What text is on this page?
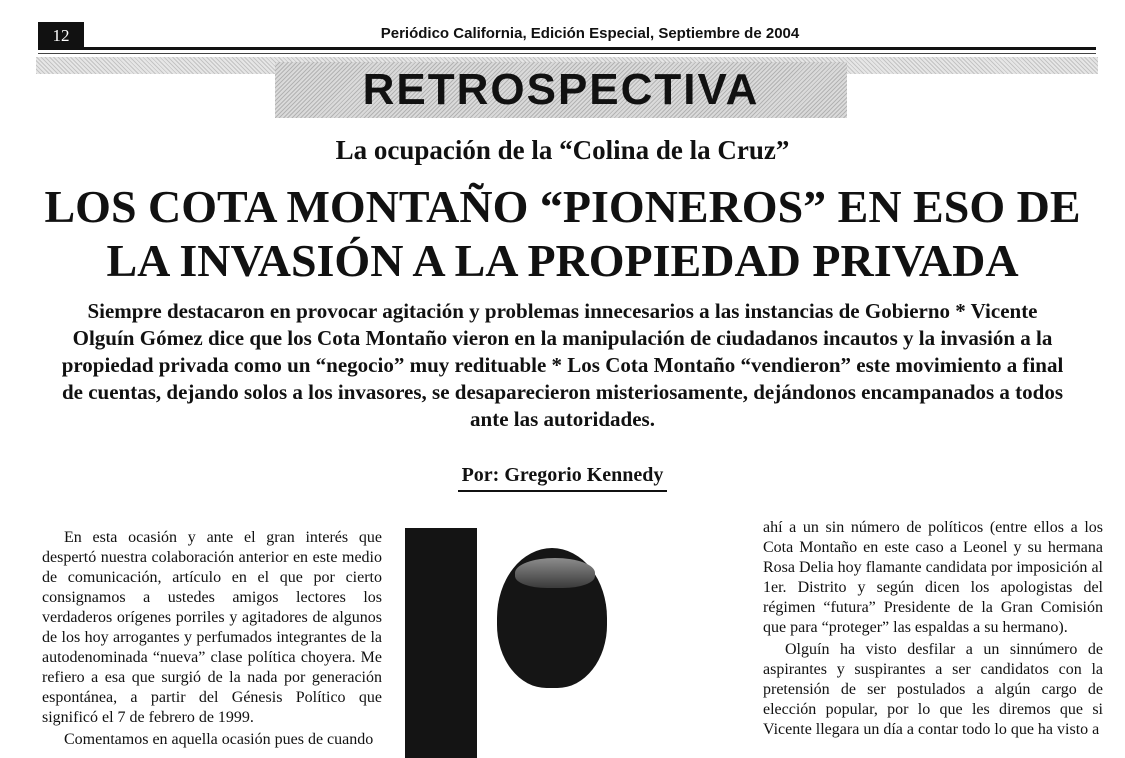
12	Periódico California, Edición Especial, Septiembre de 2004
RETROSPECTIVA
La ocupación de la “Colina de la Cruz”
LOS COTA MONTAÑO “PIONEROS” EN ESO DE LA INVASIÓN A LA PROPIEDAD PRIVADA

Siempre destacaron en provocar agitación y problemas innecesarios a las instancias de Gobierno * Vicente Olguín Gómez dice que los Cota Montaño vieron en la manipulación de ciudadanos incautos y la invasión a la propiedad privada como un “negocio” muy redituable * Los Cota Montaño “vendieron” este movimiento a final de cuentas, dejando solos a los invasores, se desaparecieron misteriosamente, dejándonos encampanados a todos ante las autoridades.

Por: Gregorio Kennedy

En esta ocasión y ante el gran interés que despertó nuestra colaboración anterior en este medio de comunicación, artículo en el que por cierto consignamos a ustedes amigos lectores los verdaderos orígenes porriles y agitadores de algunos de los hoy arrogantes y perfumados integrantes de la autodenominada “nueva” clase política choyera. Me refiero a esa que surgió de la nada por generación espontánea, a partir del Génesis Político que significó el 7 de febrero de 1999.

Comentamos en aquella ocasión pues de cuando

ahí a un sin número de políticos (entre ellos a los Cota Montaño en este caso a Leonel y su hermana Rosa Delia hoy flamante candidata por imposición al 1er. Distrito y según dicen los apologistas del régimen “futura” Presidente de la Gran Comisión que para “proteger” las espaldas a su hermano).

Olguín ha visto desfilar a un sinnúmero de aspirantes y suspirantes a ser candidatos con la pretensión de ser postulados a algún cargo de elección popular, por lo que les diremos que si Vicente llegara un día a contar todo lo que ha visto a
